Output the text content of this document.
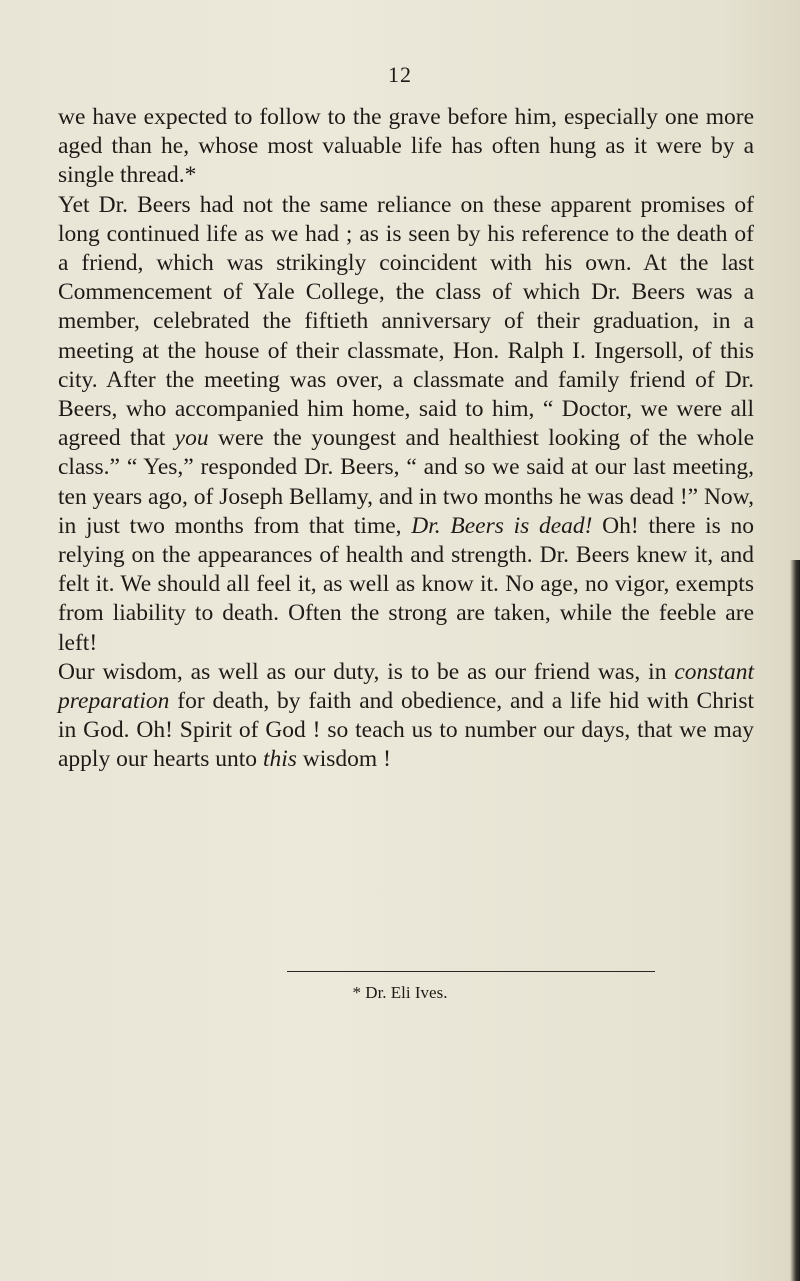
12

we have expected to follow to the grave before him, especially one more aged than he, whose most valuable life has often hung as it were by a single thread.*

Yet Dr. Beers had not the same reliance on these apparent promises of long continued life as we had ; as is seen by his reference to the death of a friend, which was strikingly coincident with his own. At the last Commencement of Yale College, the class of which Dr. Beers was a member, celebrated the fiftieth anniversary of their graduation, in a meeting at the house of their classmate, Hon. Ralph I. Ingersoll, of this city. After the meeting was over, a classmate and family friend of Dr. Beers, who accompanied him home, said to him, “ Doctor, we were all agreed that you were the youngest and healthiest looking of the whole class.” “ Yes,” responded Dr. Beers, “ and so we said at our last meeting, ten years ago, of Joseph Bellamy, and in two months he was dead !” Now, in just two months from that time, Dr. Beers is dead! Oh! there is no relying on the appearances of health and strength. Dr. Beers knew it, and felt it. We should all feel it, as well as know it. No age, no vigor, exempts from liability to death. Often the strong are taken, while the feeble are left!

Our wisdom, as well as our duty, is to be as our friend was, in constant preparation for death, by faith and obedience, and a life hid with Christ in God. Oh! Spirit of God ! so teach us to number our days, that we may apply our hearts unto this wisdom !

* Dr. Eli Ives.
